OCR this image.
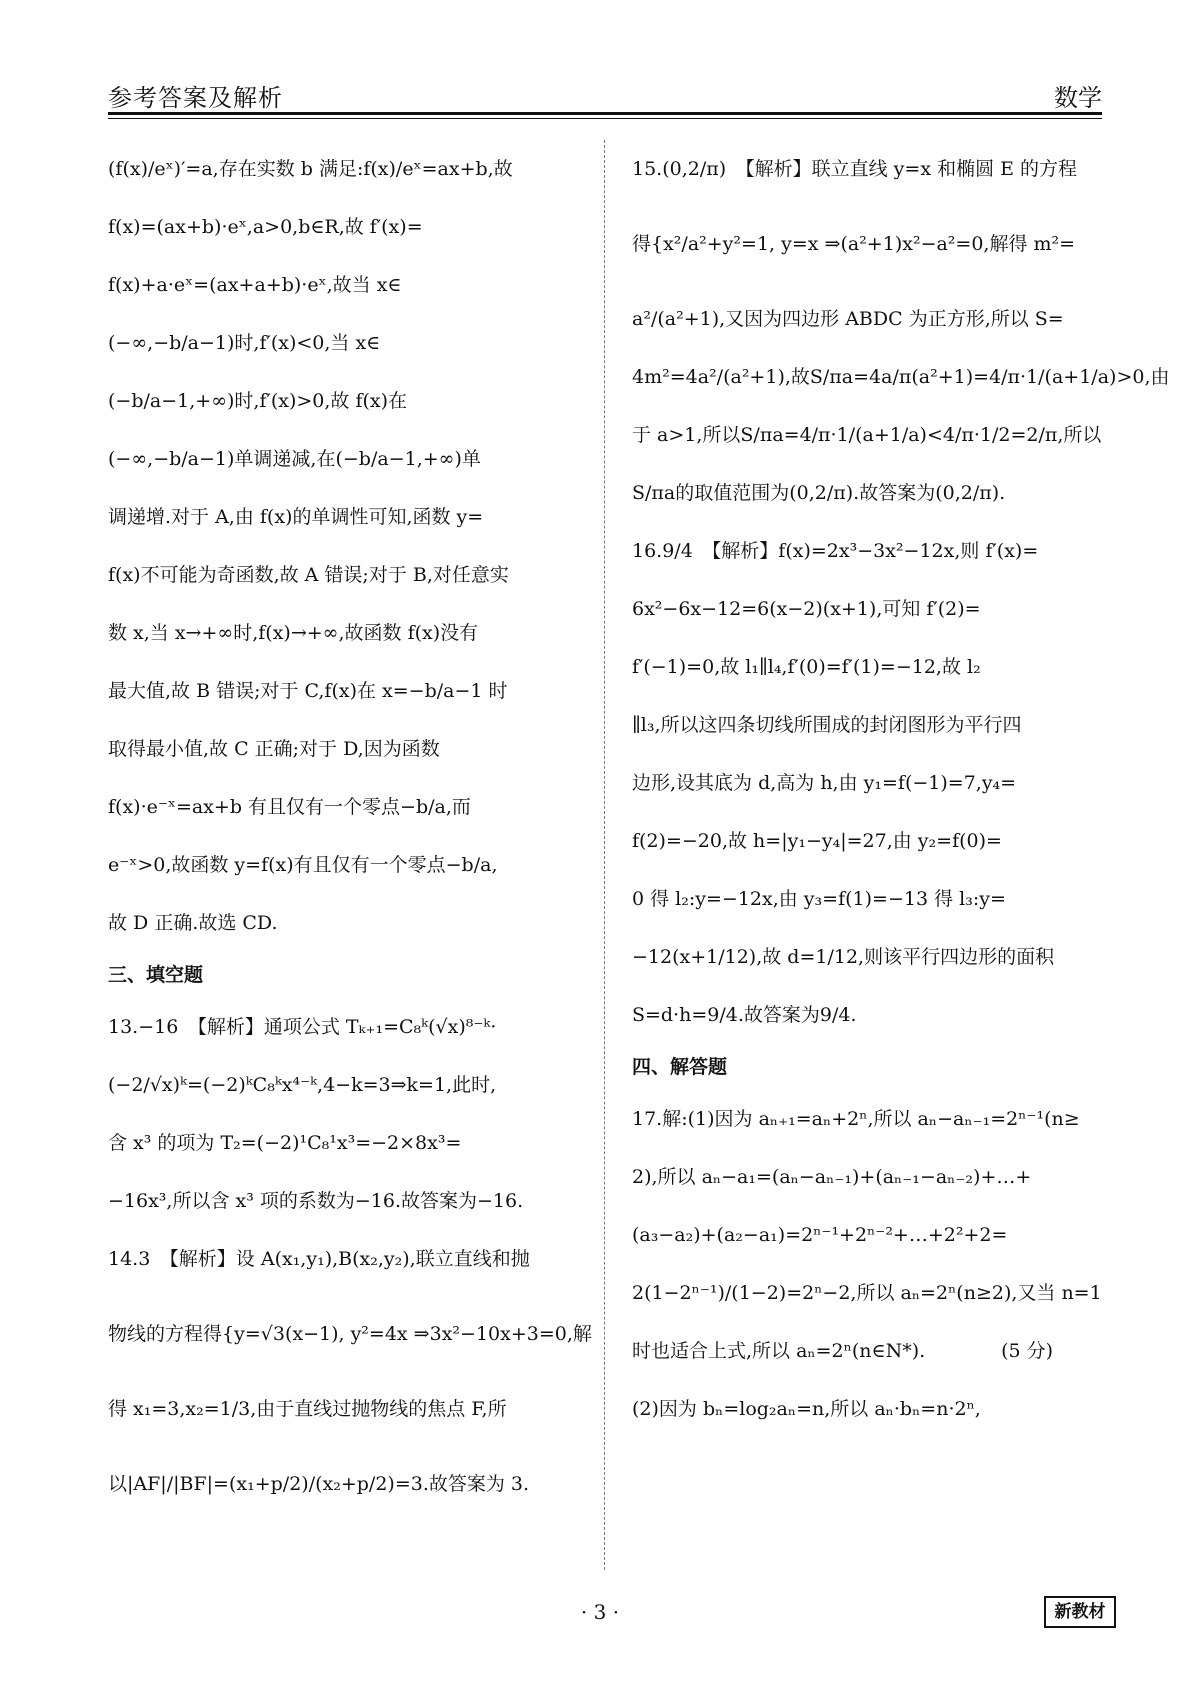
参考答案及解析	数学
(f(x)/eˣ)′=a,存在实数 b 满足:f(x)/eˣ=ax+b,故
f(x)=(ax+b)·eˣ,a>0,b∈R,故 f′(x)=
f(x)+a·eˣ=(ax+a+b)·eˣ,故当 x∈
(−∞,−b/a−1)时,f′(x)<0,当 x∈
(−b/a−1,+∞)时,f′(x)>0,故 f(x)在
(−∞,−b/a−1)单调递减,在(−b/a−1,+∞)单
调递增.对于 A,由 f(x)的单调性可知,函数 y=
f(x)不可能为奇函数,故 A 错误;对于 B,对任意实
数 x,当 x→+∞时,f(x)→+∞,故函数 f(x)没有
最大值,故 B 错误;对于 C,f(x)在 x=−b/a−1 时
取得最小值,故 C 正确;对于 D,因为函数
f(x)·e⁻ˣ=ax+b 有且仅有一个零点−b/a,而
e⁻ˣ>0,故函数 y=f(x)有且仅有一个零点−b/a,
故 D 正确.故选 CD.
三、填空题
13.−16　【解析】通项公式 Tₖ₊₁=C₈ᵏ(√x)⁸⁻ᵏ·
(−2/√x)ᵏ=(−2)ᵏC₈ᵏx⁴⁻ᵏ,4−k=3⇒k=1,此时,
含 x³ 的项为 T₂=(−2)¹C₈¹x³=−2×8x³=
−16x³,所以含 x³ 项的系数为−16.故答案为−16.
14.3　【解析】设 A(x₁,y₁),B(x₂,y₂),联立直线和抛
物线的方程得{y=√3(x−1), y²=4x ⇒3x²−10x+3=0,解
得 x₁=3,x₂=1/3,由于直线过抛物线的焦点 F,所
以|AF|/|BF|=(x₁+p/2)/(x₂+p/2)=3.故答案为 3.
15.(0,2/π)　【解析】联立直线 y=x 和椭圆 E 的方程
得{x²/a²+y²=1, y=x ⇒(a²+1)x²−a²=0,解得 m²=
a²/(a²+1),又因为四边形 ABDC 为正方形,所以 S=
4m²=4a²/(a²+1),故S/πa=4a/π(a²+1)=4/π·1/(a+1/a)>0,由
于 a>1,所以S/πa=4/π·1/(a+1/a)<4/π·1/2=2/π,所以
S/πa的取值范围为(0,2/π).故答案为(0,2/π).
16.9/4　【解析】f(x)=2x³−3x²−12x,则 f′(x)=
6x²−6x−12=6(x−2)(x+1),可知 f′(2)=
f′(−1)=0,故 l₁∥l₄,f′(0)=f′(1)=−12,故 l₂
∥l₃,所以这四条切线所围成的封闭图形为平行四
边形,设其底为 d,高为 h,由 y₁=f(−1)=7,y₄=
f(2)=−20,故 h=|y₁−y₄|=27,由 y₂=f(0)=
0 得 l₂:y=−12x,由 y₃=f(1)=−13 得 l₃:y=
−12(x+1/12),故 d=1/12,则该平行四边形的面积
S=d·h=9/4.故答案为9/4.
四、解答题
17.解:(1)因为 aₙ₊₁=aₙ+2ⁿ,所以 aₙ−aₙ₋₁=2ⁿ⁻¹(n≥
2),所以 aₙ−a₁=(aₙ−aₙ₋₁)+(aₙ₋₁−aₙ₋₂)+…+
(a₃−a₂)+(a₂−a₁)=2ⁿ⁻¹+2ⁿ⁻²+…+2²+2=
2(1−2ⁿ⁻¹)/(1−2)=2ⁿ−2,所以 aₙ=2ⁿ(n≥2),又当 n=1
时也适合上式,所以 aₙ=2ⁿ(n∈N*).　　　　(5 分)
(2)因为 bₙ=log₂aₙ=n,所以 aₙ·bₙ=n·2ⁿ,
· 3 ·	新教材
